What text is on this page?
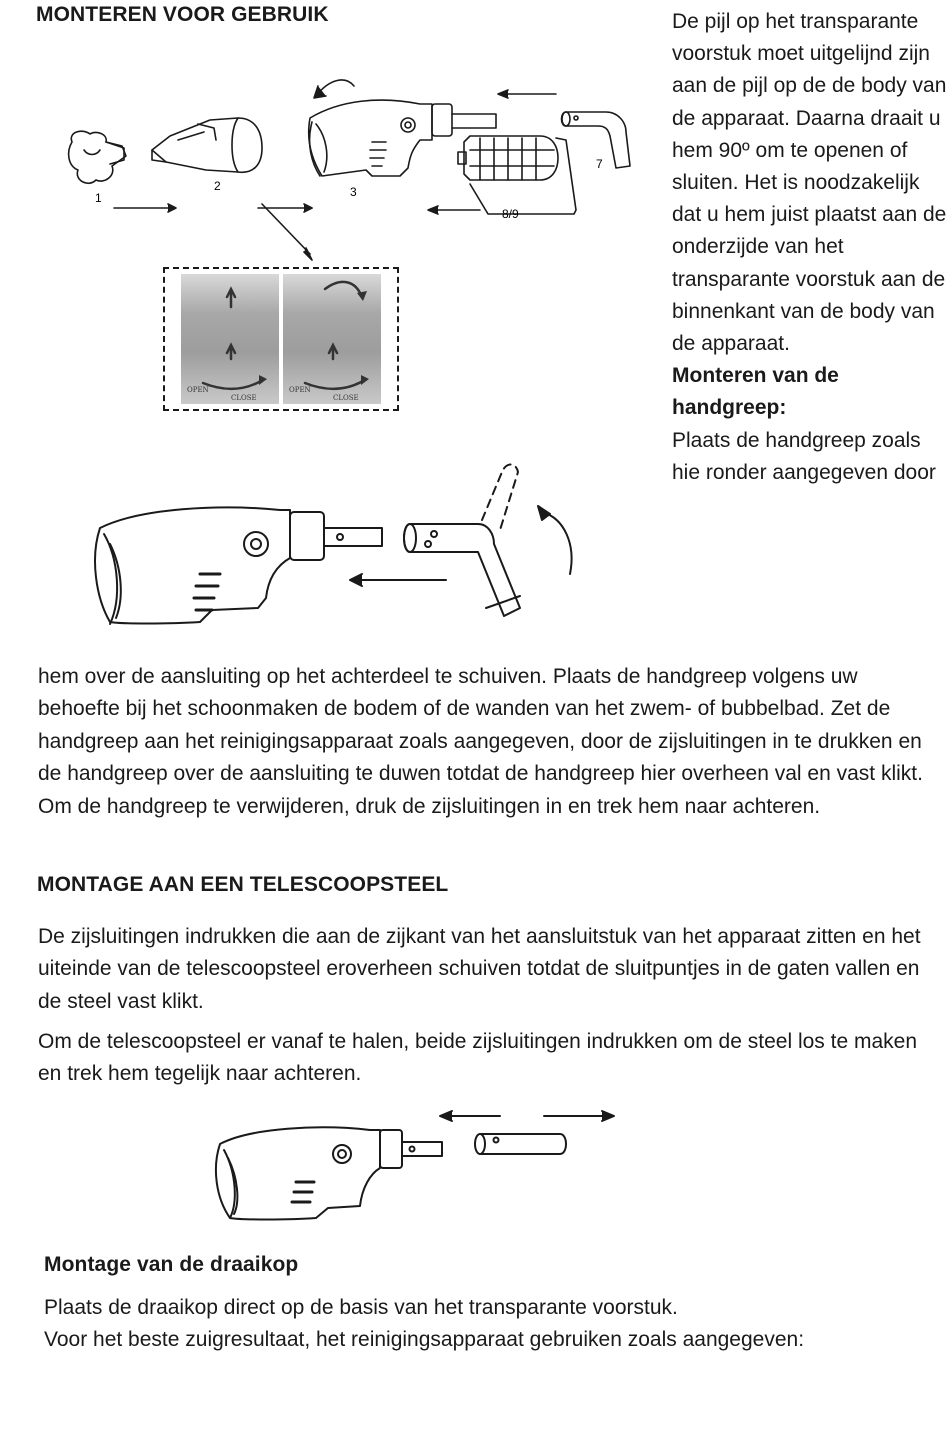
MONTEREN VOOR GEBRUIK	De pijl op het transparante voorstuk moet uitgelijnd zijn aan de pijl op de de body van de apparaat. Daarna draait u hem 90º om te openen of sluiten. Het is noodzakelijk dat u hem juist plaatst aan de onderzijde van het transparante voorstuk aan de binnenkant van de body van de apparaat.

Monteren van de handgreep:

Plaats de handgreep zoals hie ronder aangegeven door

1
2	3
7
8/9
OPEN
CLOSE
OPEN
CLOSE

hem over de aansluiting op het achterdeel te schuiven. Plaats de handgreep volgens uw behoefte bij het schoonmaken de bodem of de wanden van het zwem- of bubbelbad. Zet de handgreep aan het reinigingsapparaat zoals aangegeven, door de zijsluitingen in te drukken en de handgreep over de aansluiting te duwen totdat de handgreep hier overheen val en vast klikt. Om de handgreep te verwijderen, druk de zijsluitingen in en trek hem naar achteren.

MONTAGE AAN EEN TELESCOOPSTEEL

De zijsluitingen indrukken die aan de zijkant van het aansluitstuk van het apparaat zitten en het uiteinde van de telescoopsteel eroverheen schuiven totdat de sluitpuntjes in de gaten vallen en de steel vast klikt.

Om de telescoopsteel er vanaf te halen, beide zijsluitingen indrukken om de steel los te maken en trek hem tegelijk naar achteren.

Montage van de draaikop

Plaats de draaikop direct op de basis van het transparante voorstuk.

Voor het beste zuigresultaat, het reinigingsapparaat gebruiken zoals aangegeven:
